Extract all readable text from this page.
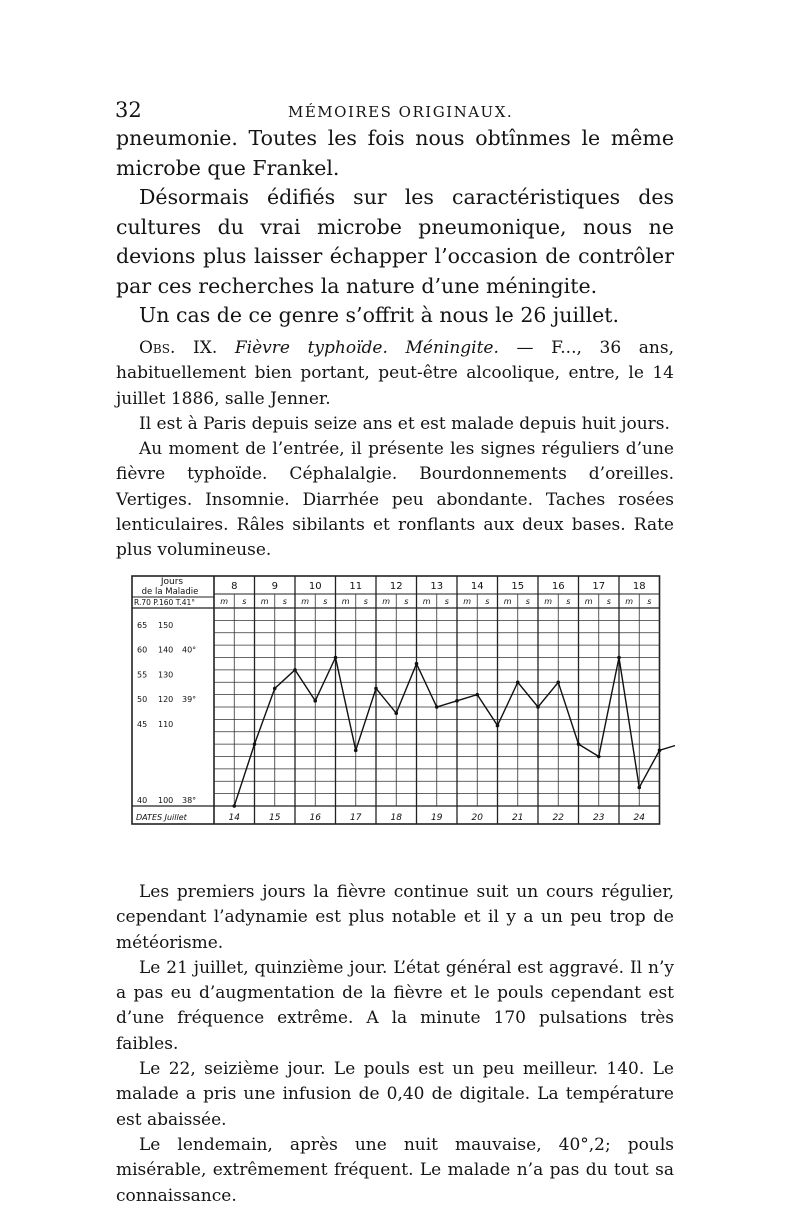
32	MÉMOIRES ORIGINAUX.

pneumonie. Toutes les fois nous obtînmes le même microbe que Frankel.

Désormais édifiés sur les caractéristiques des cultures du vrai microbe pneumonique, nous ne devions plus laisser échapper l’occasion de contrôler par ces recherches la nature d’une méningite.

Un cas de ce genre s’offrit à nous le 26 juillet.

Obs. IX. Fièvre typhoïde. Méningite. — F..., 36 ans, habituellement bien portant, peut-être alcoolique, entre, le 14 juillet 1886, salle Jenner.

Il est à Paris depuis seize ans et est malade depuis huit jours.

Au moment de l’entrée, il présente les signes réguliers d’une fièvre typhoïde. Céphalalgie. Bourdonnements d’oreilles. Vertiges. Insomnie. Diarrhée peu abondante. Taches rosées lenticulaires. Râles sibilants et ronflants aux deux bases. Rate plus volumineuse.

8
m s
14
9
m s
15
10
m s
16
11
m s
17
12
m s
18
13
m s
19
14
m s
20
15
m s
21
16
m s
22
17
m s
23
18
m s
24
Jours
de la Maladie
R.70 P.160 T.41°
DATES Juillet
65 150
60 140 40°
55 130
50 120 39°
45 110
40 100 38°

Les premiers jours la fièvre continue suit un cours régulier, cependant l’adynamie est plus notable et il y a un peu trop de météorisme.

Le 21 juillet, quinzième jour. L’état général est aggravé. Il n’y a pas eu d’augmentation de la fièvre et le pouls cependant est d’une fréquence extrême. A la minute 170 pulsations très faibles.

Le 22, seizième jour. Le pouls est un peu meilleur. 140. Le malade a pris une infusion de 0,40 de digitale. La température est abaissée.

Le lendemain, après une nuit mauvaise, 40°,2; pouls misérable, extrêmement fréquent. Le malade n’a pas du tout sa connaissance.
